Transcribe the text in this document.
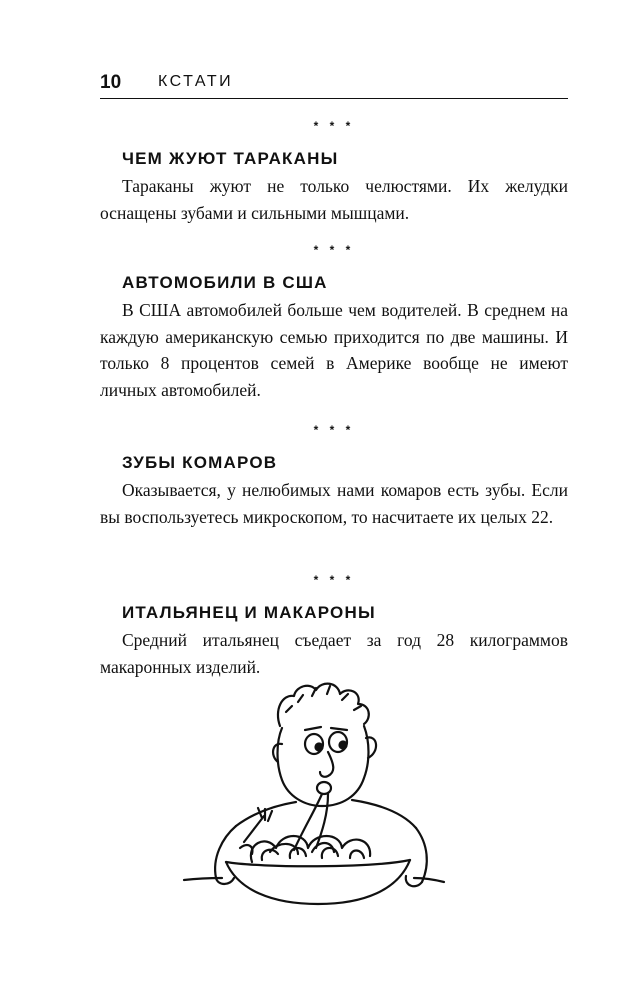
10 КСТАТИ
* * *
ЧЕМ ЖУЮТ ТАРАКАНЫ

Тараканы жуют не только челюстями. Их желудки оснащены зубами и сильными мышцами.

* * *
АВТОМОБИЛИ В США

В США автомобилей больше чем водителей. В среднем на каждую американскую семью приходится по две машины. И только 8 процентов семей в Америке вообще не имеют личных автомобилей.

* * *
ЗУБЫ КОМАРОВ

Оказывается, у нелюбимых нами комаров есть зубы. Если вы воспользуетесь микроскопом, то насчитаете их целых 22.

* * *
ИТАЛЬЯНЕЦ И МАКАРОНЫ

Средний итальянец съедает за год 28 килограммов макаронных изделий.
